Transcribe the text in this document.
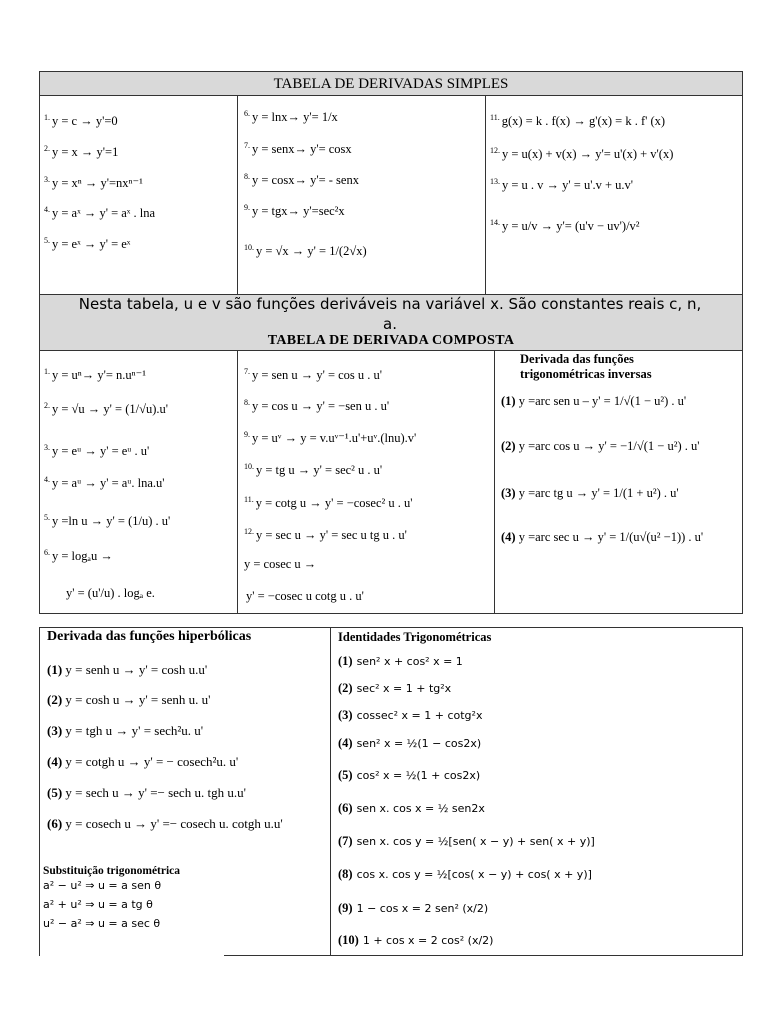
TABELA DE DERIVADAS SIMPLES
$^{1.}$ y = c → y'=0
$^{2.}$ y = x → y'=1
$^{3.}$ y = xⁿ → y'=nxⁿ⁻¹
$^{4.}$ y = aˣ → y' = aˣ . lna
$^{5.}$ y = eˣ → y' = eˣ
$^{6.}$ y = lnx→ y'= 1/x
$^{7.}$ y = senx→ y'= cosx
$^{8.}$ y = cosx→ y'= - senx
$^{9.}$ y = tgx→ y'=sec²x
$^{10.}$ y = √x → y' = 1/(2√x)
$^{11.}$ g(x) = k . f(x) → g'(x) = k . f' (x)
$^{12.}$ y = u(x) + v(x) → y'= u'(x) + v'(x)
$^{13.}$ y = u . v → y' = u'.v + u.v'
$^{14.}$ y = u/v → y'= (u'v − uv')/v²
Nesta tabela, u e v são funções deriváveis na variável x. São constantes reais c, n, a.
TABELA DE DERIVADA COMPOSTA
$^{1.}$ y = uⁿ→ y'= n.uⁿ⁻¹
$^{2.}$ y = √u → y' = (1/√u).u'
$^{3.}$ y = eᵘ → y' = eᵘ . u'
$^{4.}$ y = aᵘ → y' = aᵘ. lna.u'
$^{5.}$ y =ln u → y' = (1/u) . u'
$^{6.}$ y = logₐu →
y' = (u'/u) . logₐ e.
$^{7.}$ y = sen u → y' = cos u . u'
$^{8.}$ y = cos u → y' = −sen u . u'
$^{9.}$ y = uᵛ → y = v.uᵛ⁻¹.u'+uᵛ.(lnu).v'
$^{10.}$ y = tg u → y' = sec² u . u'
$^{11.}$ y = cotg u → y' = −cosec² u . u'
$^{12.}$ y = sec u → y' = sec u tg u . u'
y = cosec u →
y' = −cosec u cotg u . u'
Derivada das funções trigonométricas inversas
(1) y =arc sen u – y' = 1/√(1 − u²) . u'
(2) y =arc cos u → y' = −1/√(1 − u²) . u'
(3) y =arc tg u → y' = 1/(1 + u²) . u'
(4) y =arc sec u → y' = 1/(u√(u² −1)) . u'
Derivada das funções hiperbólicas
(1) y = senh u → y' = cosh u.u'
(2) y = cosh u → y' = senh u. u'
(3) y = tgh u → y' = sech²u. u'
(4) y = cotgh u → y' = − cosech²u. u'
(5) y = sech u → y' =− sech u. tgh u.u'
(6) y = cosech u → y' =− cosech u. cotgh u.u'
Substituição trigonométrica
a² − u² ⇒ u = a sen θ
a² + u² ⇒ u = a tg θ
u² − a² ⇒ u = a sec θ
Identidades Trigonométricas
(1) sen² x + cos² x = 1
(2) sec² x = 1 + tg²x
(3) cossec² x = 1 + cotg²x
(4) sen² x = ½(1 − cos2x)
(5) cos² x = ½(1 + cos2x)
(6) sen x. cos x = ½ sen2x
(7) sen x. cos y = ½[sen( x − y) + sen( x + y)]
(8) cos x. cos y = ½[cos( x − y) + cos( x + y)]
(9) 1 − cos x = 2 sen² (x/2)
(10) 1 + cos x = 2 cos² (x/2)
